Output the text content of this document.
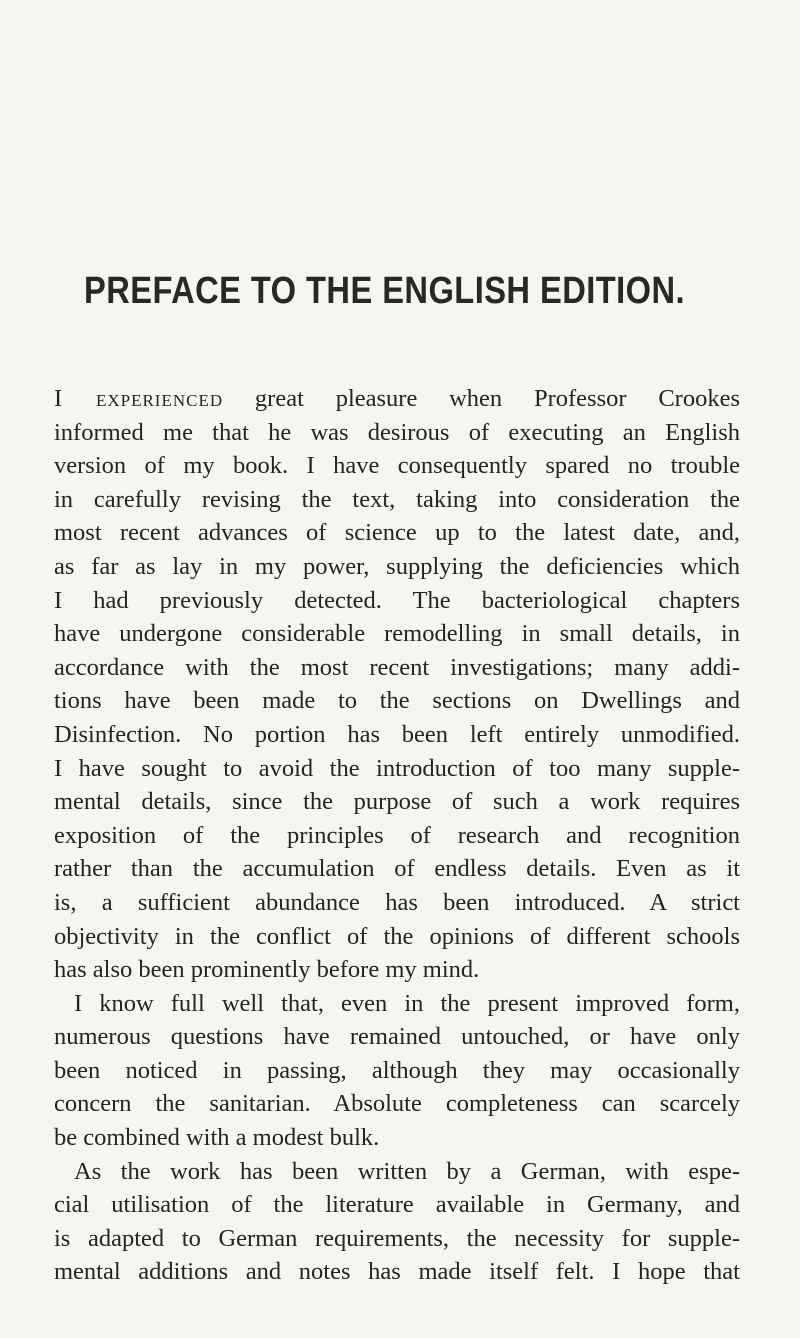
PREFACE TO THE ENGLISH EDITION.
I experienced great pleasure when Professor Crookes
informed me that he was desirous of executing an English
version of my book. I have consequently spared no trouble
in carefully revising the text, taking into consideration the
most recent advances of science up to the latest date, and,
as far as lay in my power, supplying the deficiencies which
I had previously detected. The bacteriological chapters
have undergone considerable remodelling in small details, in
accordance with the most recent investigations; many addi-
tions have been made to the sections on Dwellings and
Disinfection. No portion has been left entirely unmodified.
I have sought to avoid the introduction of too many supple-
mental details, since the purpose of such a work requires
exposition of the principles of research and recognition
rather than the accumulation of endless details. Even as it
is, a sufficient abundance has been introduced. A strict
objectivity in the conflict of the opinions of different schools
has also been prominently before my mind.
I know full well that, even in the present improved form,
numerous questions have remained untouched, or have only
been noticed in passing, although they may occasionally
concern the sanitarian. Absolute completeness can scarcely
be combined with a modest bulk.
As the work has been written by a German, with espe-
cial utilisation of the literature available in Germany, and
is adapted to German requirements, the necessity for supple-
mental additions and notes has made itself felt. I hope that
